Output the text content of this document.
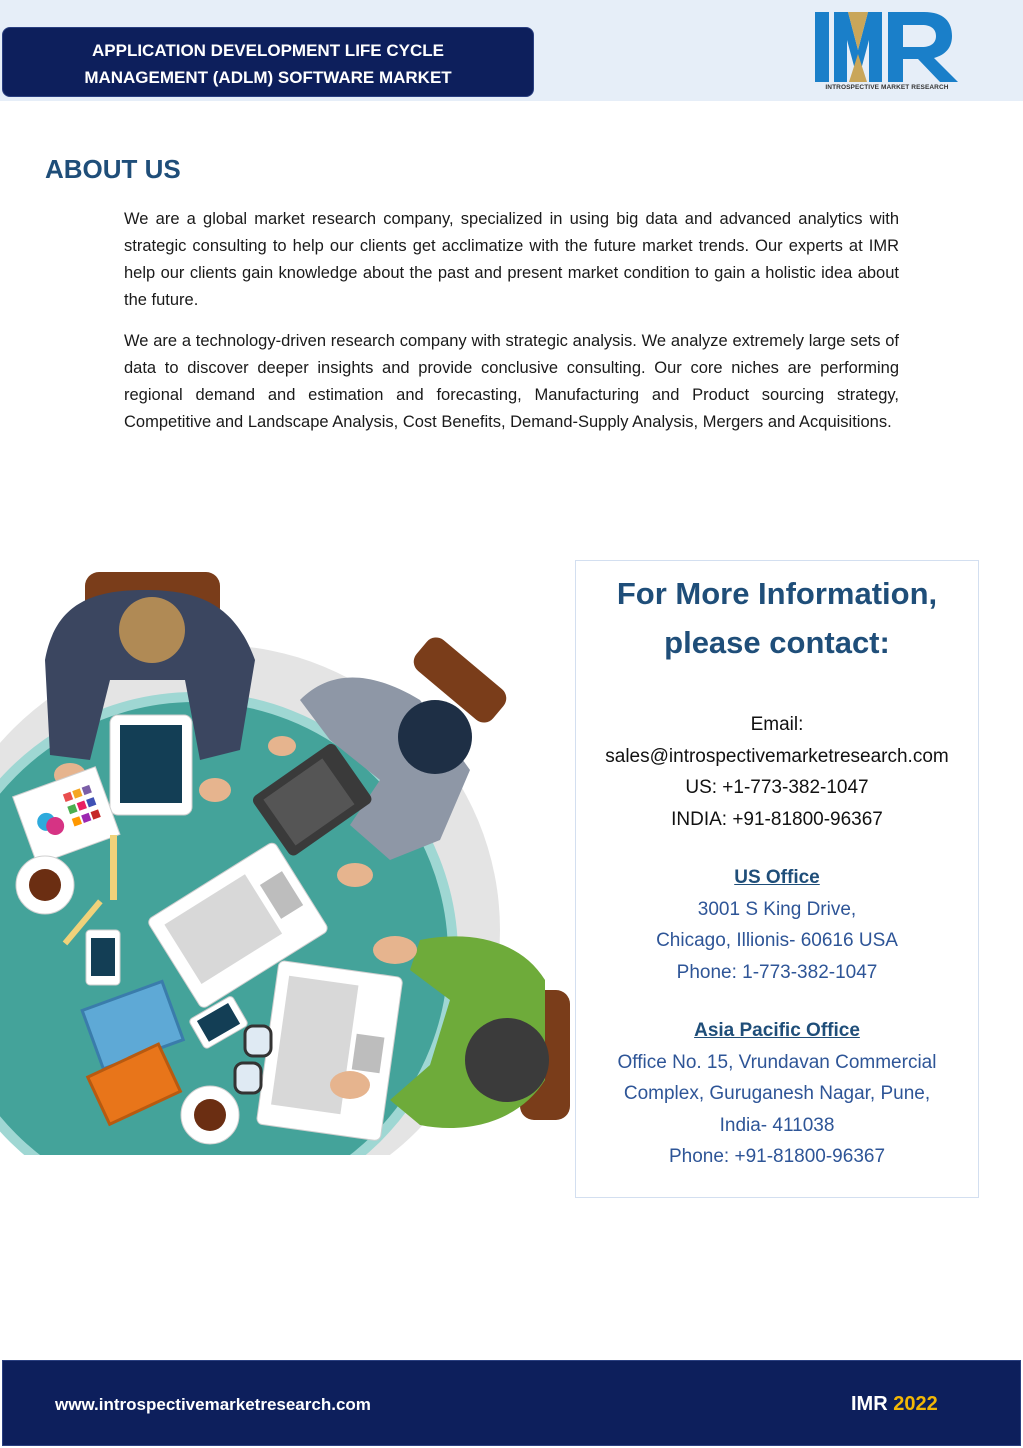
APPLICATION DEVELOPMENT LIFE CYCLE
MANAGEMENT (ADLM) SOFTWARE MARKET
INTROSPECTIVE MARKET RESEARCH
ABOUT US

We are a global market research company, specialized in using big data and advanced analytics with strategic consulting to help our clients get acclimatize with the future market trends. Our experts at IMR help our clients gain knowledge about the past and present market condition to gain a holistic idea about the future.

We are a technology-driven research company with strategic analysis. We analyze extremely large sets of data to discover deeper insights and provide conclusive consulting. Our core niches are performing regional demand and estimation and forecasting, Manufacturing and Product sourcing strategy, Competitive and Landscape Analysis, Cost Benefits, Demand-Supply Analysis, Mergers and Acquisitions.

For More Information,
please contact:
Email:
sales@introspectivemarketresearch.com
US: +1-773-382-1047
INDIA: +91-81800-96367
US Office
3001 S King Drive,
Chicago, Illionis- 60616 USA
Phone: 1-773-382-1047
Asia Pacific Office
Office No. 15, Vrundavan Commercial
Complex, Guruganesh Nagar, Pune,
India- 411038
Phone: +91-81800-96367
www.introspectivemarketresearch.com	IMR 2022
